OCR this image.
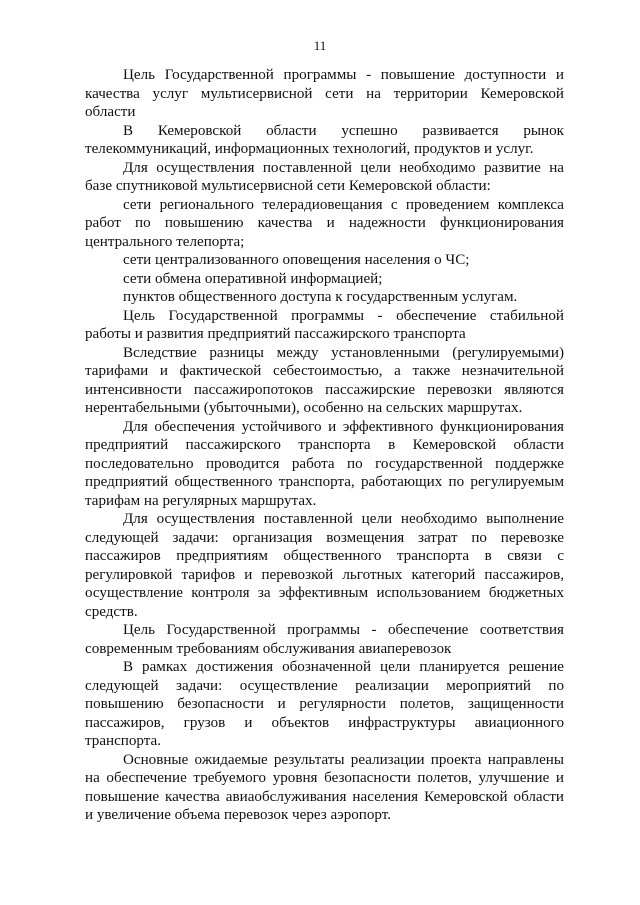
11

Цель Государственной программы - повышение доступности и качества услуг мультисервисной сети на территории Кемеровской области

В Кемеровской области успешно развивается рынок телекоммуникаций, информационных технологий, продуктов и услуг.

Для осуществления поставленной цели необходимо развитие на базе спутниковой мультисервисной сети Кемеровской области:

сети регионального телерадиовещания с проведением комплекса работ по повышению качества и надежности функционирования центрального телепорта;

сети централизованного оповещения населения о ЧС;

сети обмена оперативной информацией;

пунктов общественного доступа к государственным услугам.

Цель Государственной программы - обеспечение стабильной работы и развития предприятий пассажирского транспорта

Вследствие разницы между установленными (регулируемыми) тарифами и фактической себестоимостью, а также незначительной интенсивности пассажиропотоков пассажирские перевозки являются нерентабельными (убыточными), особенно на сельских маршрутах.

Для обеспечения устойчивого и эффективного функционирования предприятий пассажирского транспорта в Кемеровской области последовательно проводится работа по государственной поддержке предприятий общественного транспорта, работающих по регулируемым тарифам на регулярных маршрутах.

Для осуществления поставленной цели необходимо выполнение следующей задачи: организация возмещения затрат по перевозке пассажиров предприятиям общественного транспорта в связи с регулировкой тарифов и перевозкой льготных категорий пассажиров, осуществление контроля за эффективным использованием бюджетных средств.

Цель Государственной программы - обеспечение соответствия современным требованиям обслуживания авиаперевозок

В рамках достижения обозначенной цели планируется решение следующей задачи: осуществление реализации мероприятий по повышению безопасности и регулярности полетов, защищенности пассажиров, грузов и объектов инфраструктуры авиационного транспорта.

Основные ожидаемые результаты реализации проекта направлены на обеспечение требуемого уровня безопасности полетов, улучшение и повышение качества авиаобслуживания населения Кемеровской области и увеличение объема перевозок через аэропорт.
